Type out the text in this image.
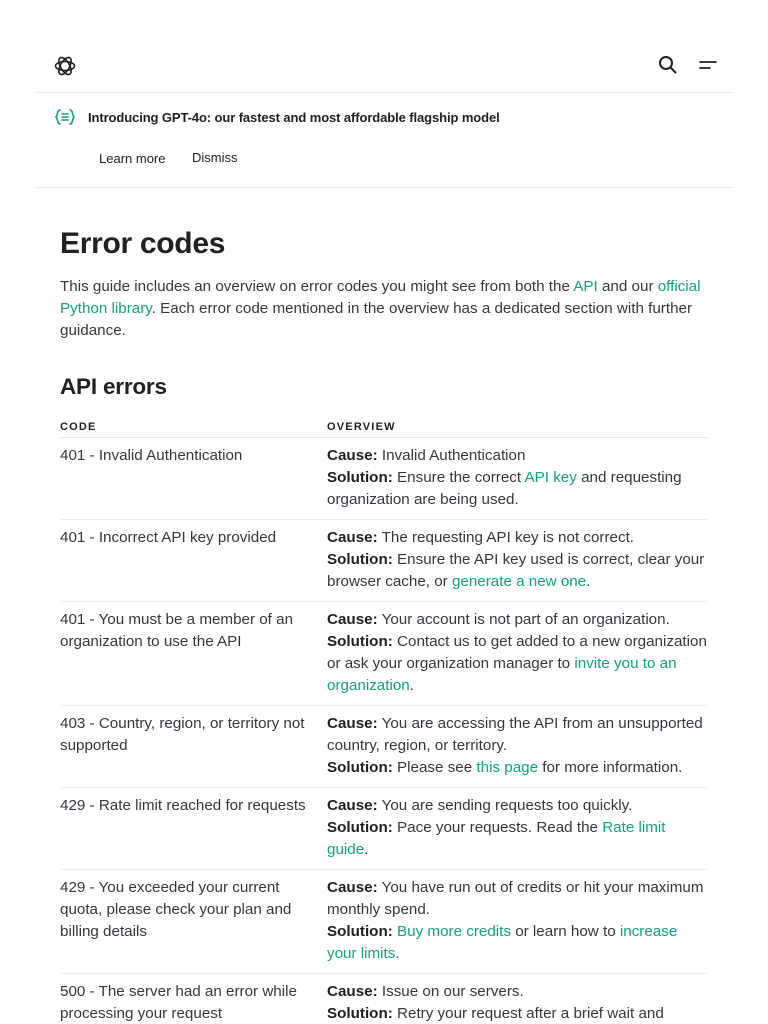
Introducing GPT-4o: our fastest and most affordable flagship model
Learn more Dismiss
Error codes

This guide includes an overview on error codes you might see from both the API and our official Python library. Each error code mentioned in the overview has a dedicated section with further guidance.

API errors
CODE	OVERVIEW
401 - Invalid Authentication	Cause: Invalid Authentication
Solution: Ensure the correct API key and requesting organization are being used.
401 - Incorrect API key provided	Cause: The requesting API key is not correct.
Solution: Ensure the API key used is correct, clear your browser cache, or generate a new one.
401 - You must be a member of an organization to use the API	Cause: Your account is not part of an organization.
Solution: Contact us to get added to a new organization or ask your organization manager to invite you to an organization.
403 - Country, region, or territory not supported	Cause: You are accessing the API from an unsupported country, region, or territory.
Solution: Please see this page for more information.
429 - Rate limit reached for requests	Cause: You are sending requests too quickly.
Solution: Pace your requests. Read the Rate limit guide.
429 - You exceeded your current quota, please check your plan and billing details	Cause: You have run out of credits or hit your maximum monthly spend.
Solution: Buy more credits or learn how to increase your limits.
500 - The server had an error while processing your request	Cause: Issue on our servers.
Solution: Retry your request after a brief wait and
